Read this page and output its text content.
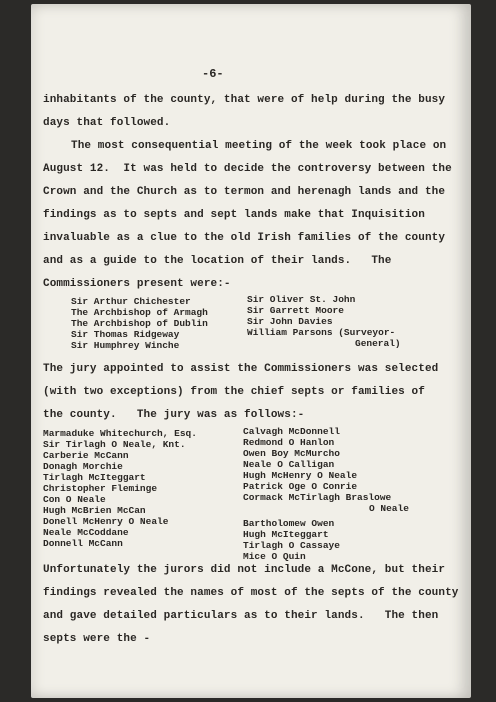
-6-
inhabitants of the county, that were of help during the busy
days that followed.
The most consequential meeting of the week took place on
August 12.  It was held to decide the controversy between the
Crown and the Church as to termon and herenagh lands and the
findings as to septs and sept lands make that Inquisition
invaluable as a clue to the old Irish families of the county
and as a guide to the location of their lands.   The
Commissioners present were:-
Sir Arthur Chichester
The Archbishop of Armagh
The Archbishop of Dublin
Sir Thomas Ridgeway
Sir Humphrey Winche
Sir Oliver St. John
Sir Garrett Moore
Sir John Davies
William Parsons (Surveyor-
General)
The jury appointed to assist the Commissioners was selected
(with two exceptions) from the chief septs or families of
the county.   The jury was as follows:-
Marmaduke Whitechurch, Esq.
Sir Tirlagh O Neale, Knt.
Carberie McCann
Donagh Morchie
Tirlagh McIteggart
Christopher Fleminge
Con O Neale
Hugh McBrien McCan
Donell McHenry O Neale
Neale McCoddane
Donnell McCann
Calvagh McDonnell
Redmond O Hanlon
Owen Boy McMurcho
Neale O Calligan
Hugh McHenry O Neale
Patrick Oge O Conrie
Cormack McTirlagh Braslowe
O Neale
Bartholomew Owen
Hugh McIteggart
Tirlagh O Cassaye
Mice O Quin
Unfortunately the jurors did not include a McCone, but their
findings revealed the names of most of the septs of the county
and gave detailed particulars as to their lands.   The then
septs were the -
